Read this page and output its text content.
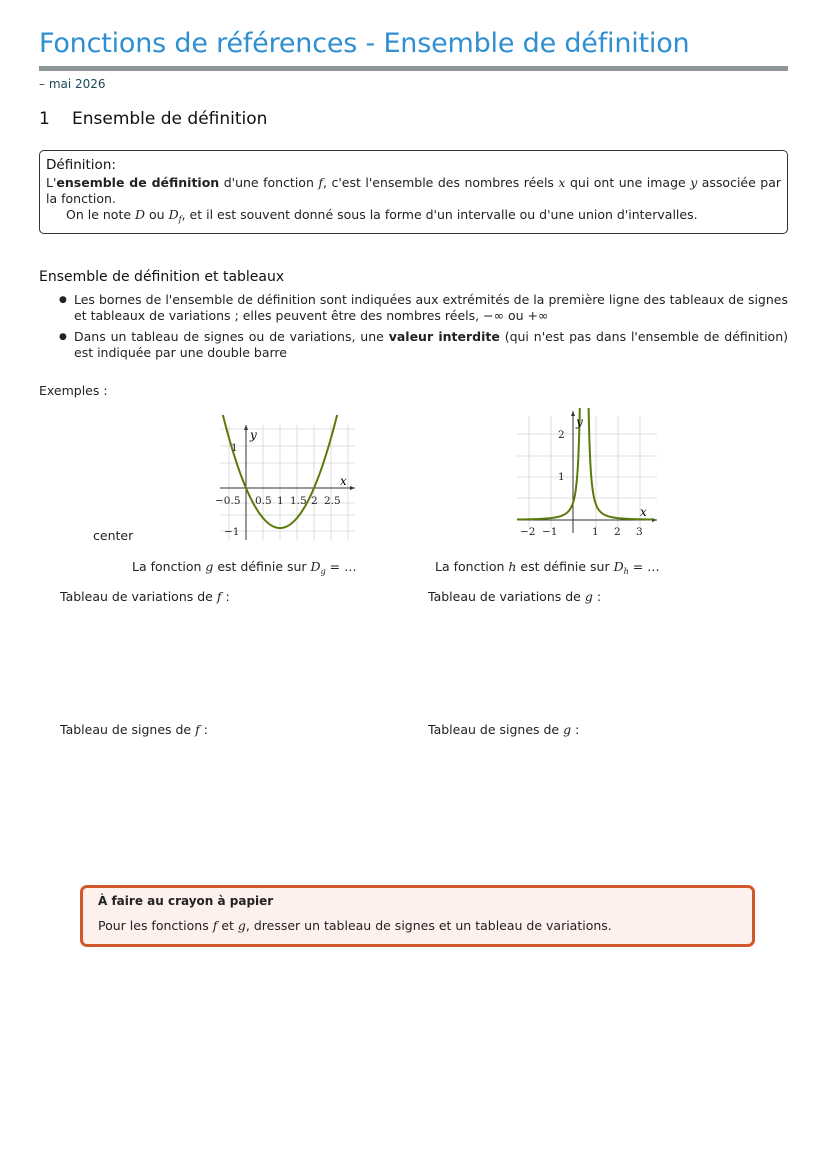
Fonctions de références - Ensemble de définition
– mai 2026
1 Ensemble de définition
Définition:
L'ensemble de définition d'une fonction f, c'est l'ensemble des nombres réels x qui ont une image y associée par la fonction.
On le note D ou $D_f$, et il est souvent donné sous la forme d'un intervalle ou d'une union d'intervalles.
Ensemble de définition et tableaux
● Les bornes de l'ensemble de définition sont indiquées aux extrémités de la première ligne des tableaux de signes et tableaux de variations ; elles peuvent être des nombres réels, −∞ ou +∞
● Dans un tableau de signes ou de variations, une valeur interdite (qui n'est pas dans l'ensemble de définition) est indiquée par une double barre
Exemples :
center
x
y
−0.5 0.5 1 1.5 2 2.5
1
−1
x
y
−2 −1	1 2 3
2
1
La fonction g est définie sur $D_g$ = …	La fonction h est définie sur $D_h$ = …
Tableau de variations de f :	Tableau de variations de g :
Tableau de signes de f :	Tableau de signes de g :
À faire au crayon à papier
Pour les fonctions f et g, dresser un tableau de signes et un tableau de variations.
